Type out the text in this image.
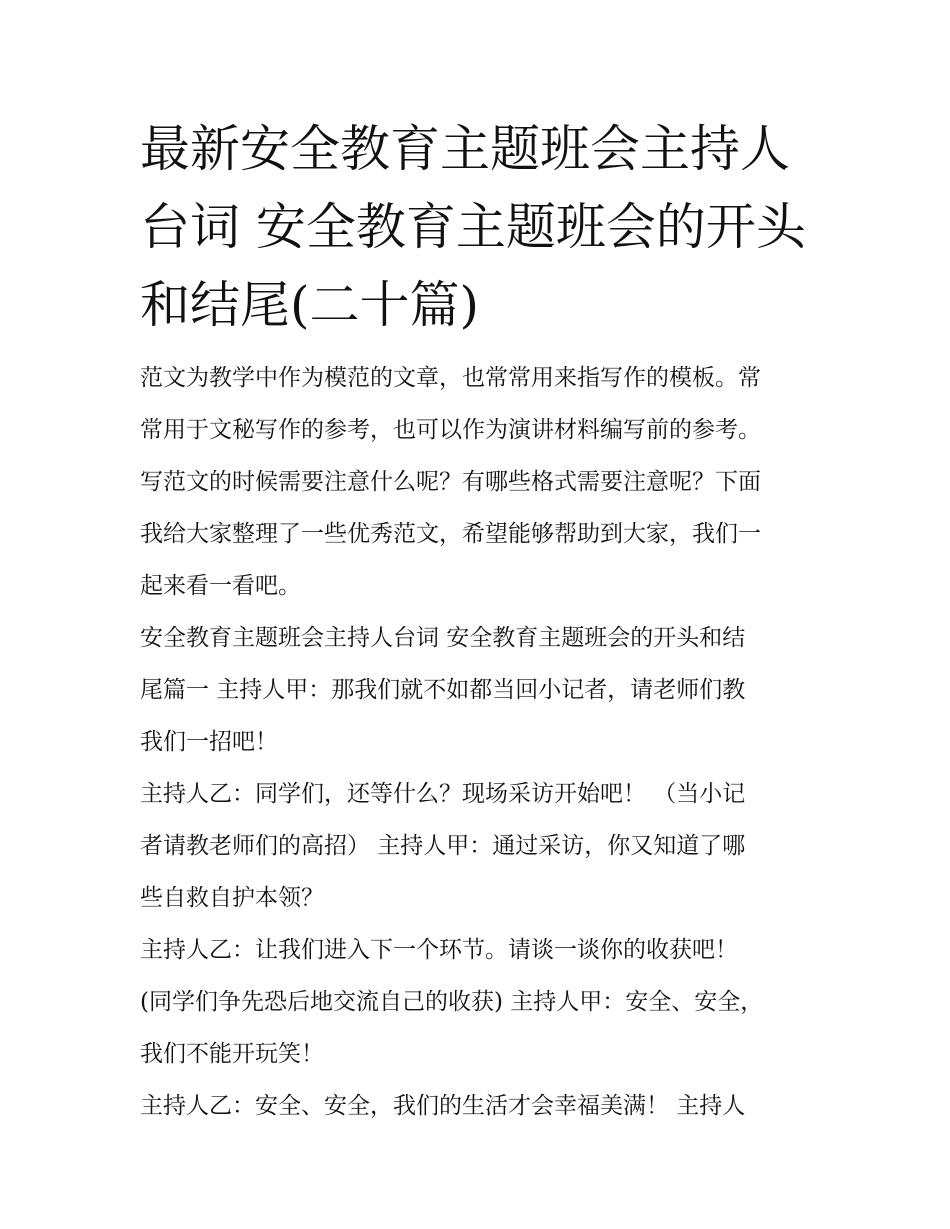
最新安全教育主题班会主持人
台词 安全教育主题班会的开头
和结尾(二十篇)
范文为教学中作为模范的文章，也常常用来指写作的模板。常
常用于文秘写作的参考，也可以作为演讲材料编写前的参考。
写范文的时候需要注意什么呢？有哪些格式需要注意呢？下面
我给大家整理了一些优秀范文，希望能够帮助到大家，我们一
起来看一看吧。
安全教育主题班会主持人台词 安全教育主题班会的开头和结
尾篇一 主持人甲：那我们就不如都当回小记者，请老师们教
我们一招吧！
主持人乙：同学们，还等什么？现场采访开始吧！ （当小记
者请教老师们的高招） 主持人甲：通过采访，你又知道了哪
些自救自护本领？
主持人乙：让我们进入下一个环节。请谈一谈你的收获吧！
(同学们争先恐后地交流自己的收获) 主持人甲：安全、安全，
我们不能开玩笑！
主持人乙：安全、安全，我们的生活才会幸福美满！ 主持人
